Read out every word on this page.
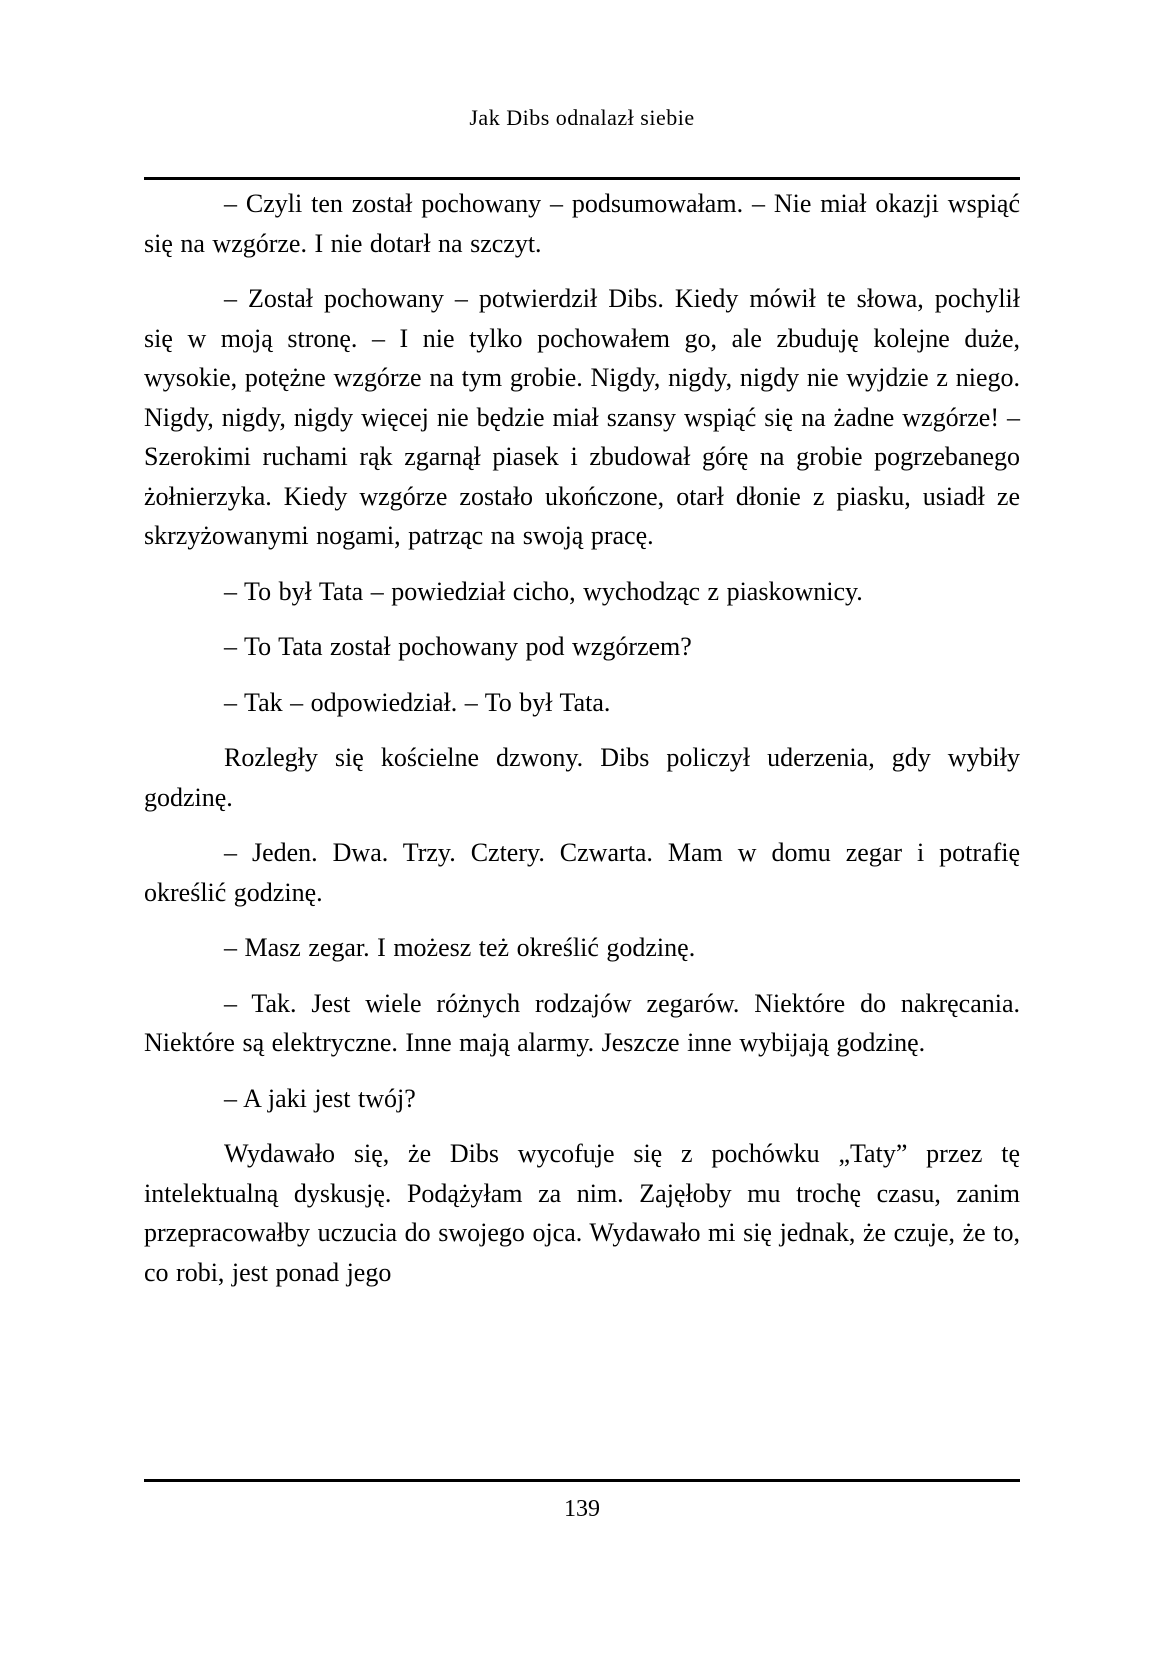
Jak Dibs odnalazł siebie

– Czyli ten został pochowany – podsumowałam. – Nie miał okazji wspiąć się na wzgórze. I nie dotarł na szczyt.

– Został pochowany – potwierdził Dibs. Kiedy mówił te słowa, pochylił się w moją stronę. – I nie tylko pochowałem go, ale zbuduję kolejne duże, wysokie, potężne wzgórze na tym grobie. Nigdy, nigdy, nigdy nie wyjdzie z niego. Nigdy, nigdy, nigdy więcej nie będzie miał szansy wspiąć się na żadne wzgórze! – Szerokimi ruchami rąk zgarnął piasek i zbudował górę na grobie pogrzebanego żołnierzyka. Kiedy wzgórze zostało ukończone, otarł dłonie z piasku, usiadł ze skrzyżowanymi nogami, patrząc na swoją pracę.

– To był Tata – powiedział cicho, wychodząc z piaskownicy.

– To Tata został pochowany pod wzgórzem?

– Tak – odpowiedział. – To był Tata.

Rozległy się kościelne dzwony. Dibs policzył uderzenia, gdy wybiły godzinę.

– Jeden. Dwa. Trzy. Cztery. Czwarta. Mam w domu zegar i potrafię określić godzinę.

– Masz zegar. I możesz też określić godzinę.

– Tak. Jest wiele różnych rodzajów zegarów. Niektóre do nakręcania. Niektóre są elektryczne. Inne mają alarmy. Jeszcze inne wybijają godzinę.

– A jaki jest twój?

Wydawało się, że Dibs wycofuje się z pochówku „Taty” przez tę intelektualną dyskusję. Podążyłam za nim. Zajęłoby mu trochę czasu, zanim przepracowałby uczucia do swojego ojca. Wydawało mi się jednak, że czuje, że to, co robi, jest ponad jego

139
